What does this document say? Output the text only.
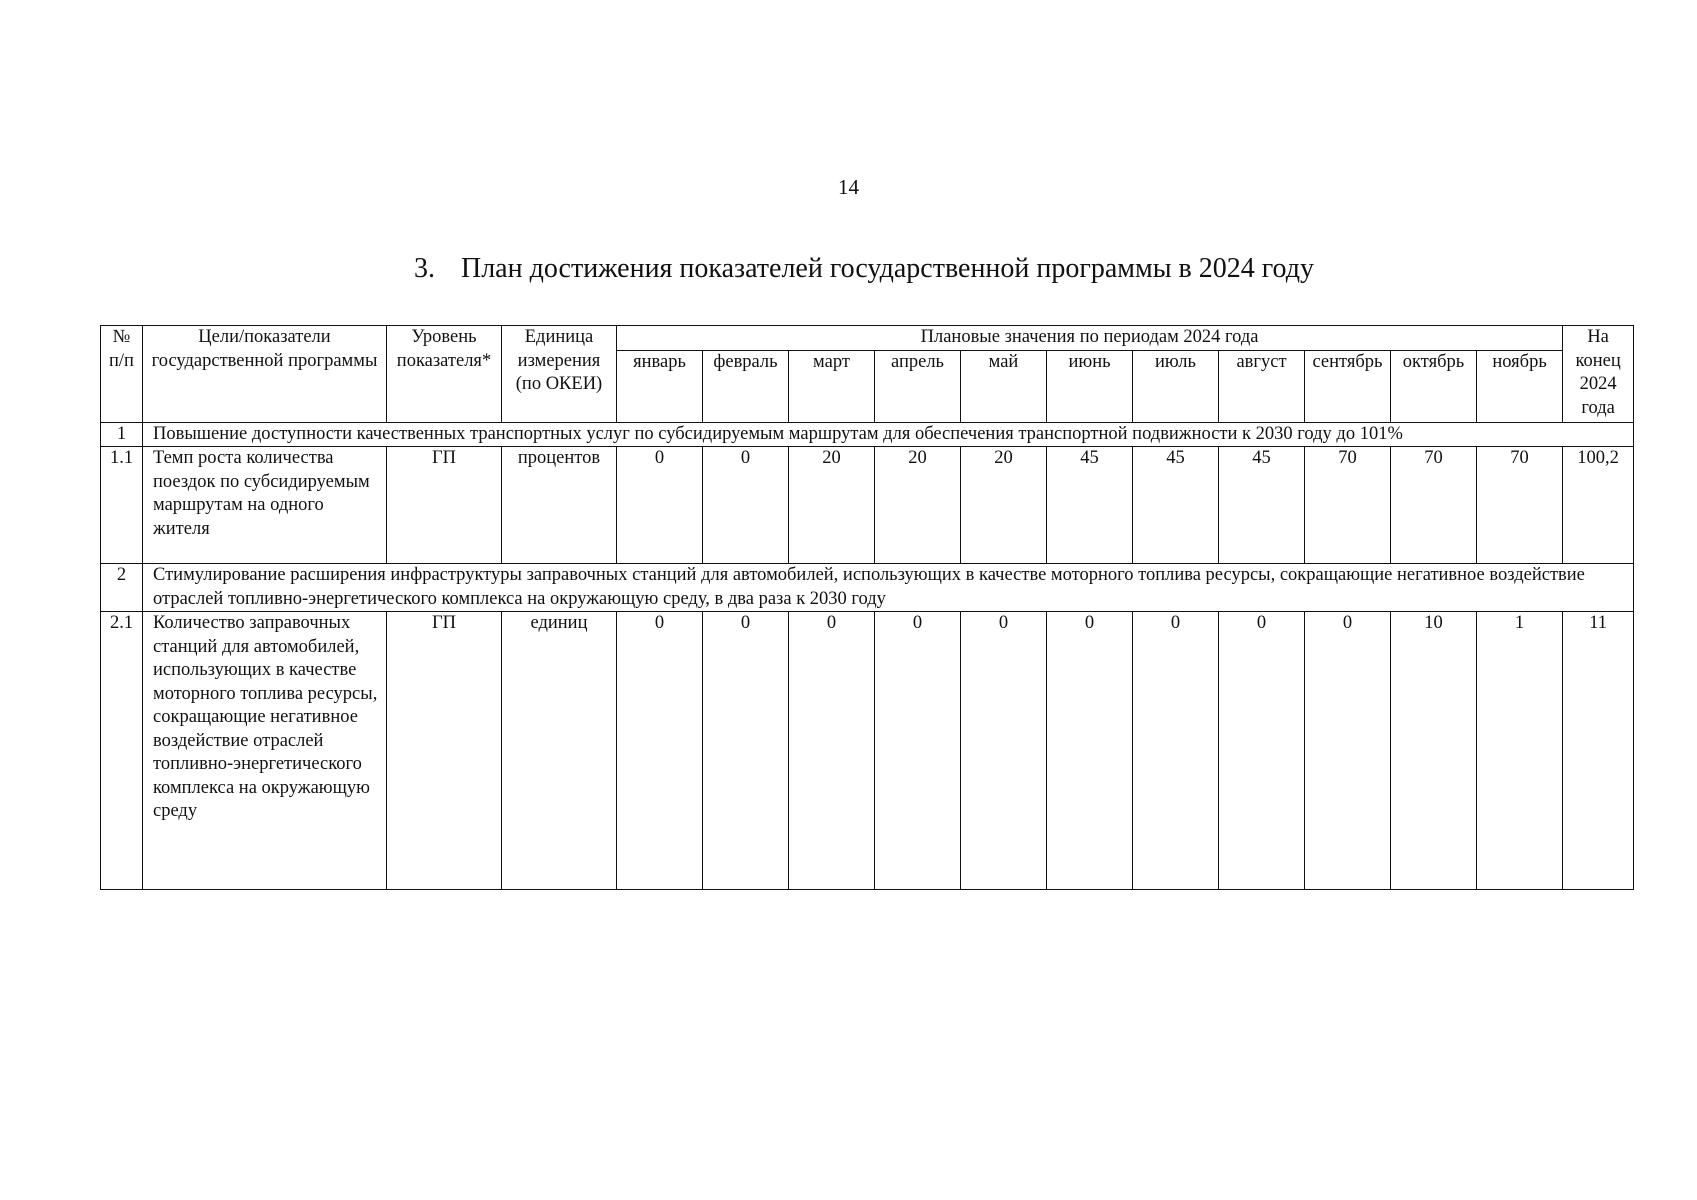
14
3. План достижения показателей государственной программы в 2024 году
№ п/п	Цели/показатели государственной программы	Уровень показателя*	Единица измерения (по ОКЕИ)	Плановые значения по периодам 2024 года											На конец 2024 года
				январь	февраль	март	апрель	май	июнь	июль	август	сентябрь	октябрь	ноябрь	
1	Повышение доступности качественных транспортных услуг по субсидируемым маршрутам для обеспечения транспортной подвижности к 2030 году до 101%														
1.1	Темп роста количества поездок по субсидируемым маршрутам на одного жителя	ГП	процентов	0	0	20	20	20	45	45	45	70	70	70	100,2
2	Стимулирование расширения инфраструктуры заправочных станций для автомобилей, использующих в качестве моторного топлива ресурсы, сокращающие негативное воздействие отраслей топливно-энергетического комплекса на окружающую среду, в два раза к 2030 году														
2.1	Количество заправочных станций для автомобилей, использующих в качестве моторного топлива ресурсы, сокращающие негативное воздействие отраслей топливно-энергетического комплекса на окружающую среду	ГП	единиц	0	0	0	0	0	0	0	0	0	10	1	11
